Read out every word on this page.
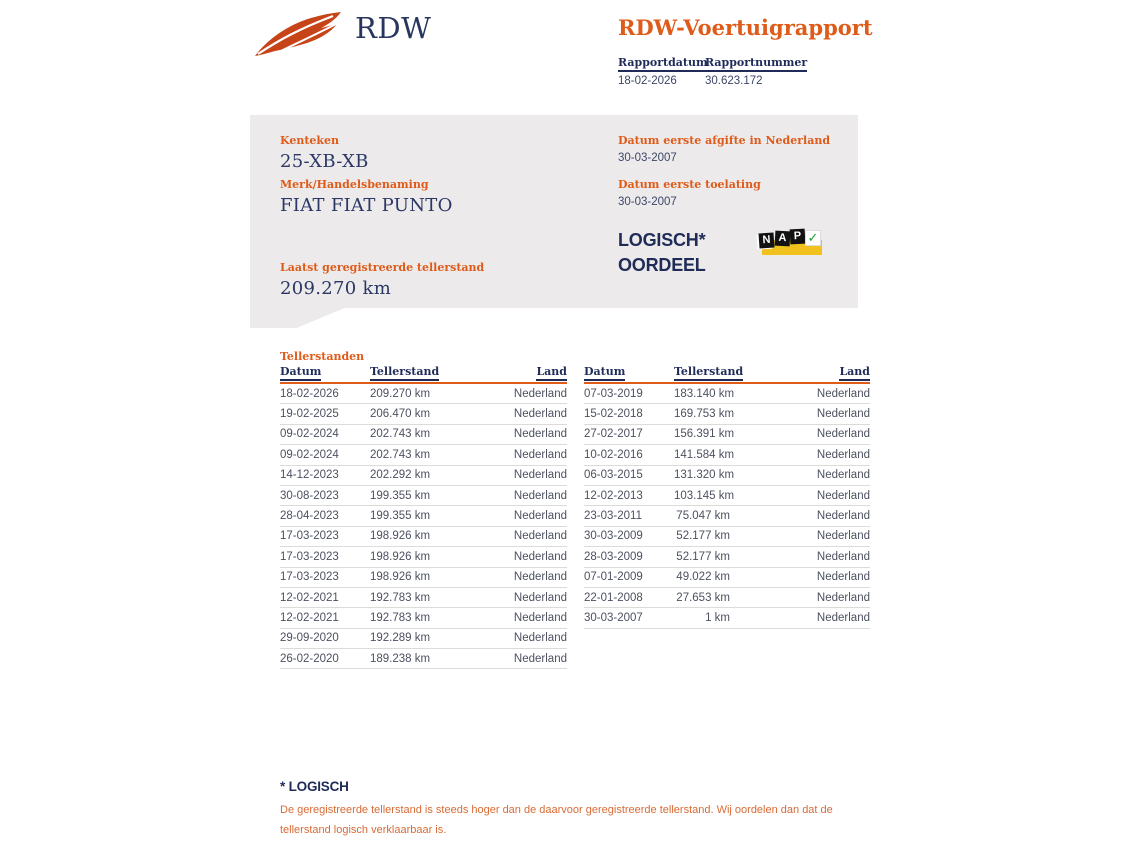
RDW	RDW-Voertuigrapport
Rapportdatum
18-02-2026
Rapportnummer
30.623.172
Kenteken
25-XB-XB
Merk/Handelsbenaming
FIAT FIAT PUNTO
Laatst geregistreerde tellerstand
209.270 km
Datum eerste afgifte in Nederland
30-03-2007
Datum eerste toelating
30-03-2007
LOGISCH*
OORDEEL
N A P ✓
Tellerstanden
Datum	Tellerstand	Land
18-02-2026	209.270 km	Nederland
19-02-2025	206.470 km	Nederland
09-02-2024	202.743 km	Nederland
09-02-2024	202.743 km	Nederland
14-12-2023	202.292 km	Nederland
30-08-2023	199.355 km	Nederland
28-04-2023	199.355 km	Nederland
17-03-2023	198.926 km	Nederland
17-03-2023	198.926 km	Nederland
17-03-2023	198.926 km	Nederland
12-02-2021	192.783 km	Nederland
12-02-2021	192.783 km	Nederland
29-09-2020	192.289 km	Nederland
26-02-2020	189.238 km	Nederland
Datum	Tellerstand	Land
07-03-2019	183.140 km	Nederland
15-02-2018	169.753 km	Nederland
27-02-2017	156.391 km	Nederland
10-02-2016	141.584 km	Nederland
06-03-2015	131.320 km	Nederland
12-02-2013	103.145 km	Nederland
23-03-2011	75.047 km	Nederland
30-03-2009	52.177 km	Nederland
28-03-2009	52.177 km	Nederland
07-01-2009	49.022 km	Nederland
22-01-2008	27.653 km	Nederland
30-03-2007	1 km	Nederland
* LOGISCH
De geregistreerde tellerstand is steeds hoger dan de daarvoor geregistreerde tellerstand. Wij oordelen dan dat de tellerstand logisch verklaarbaar is.
